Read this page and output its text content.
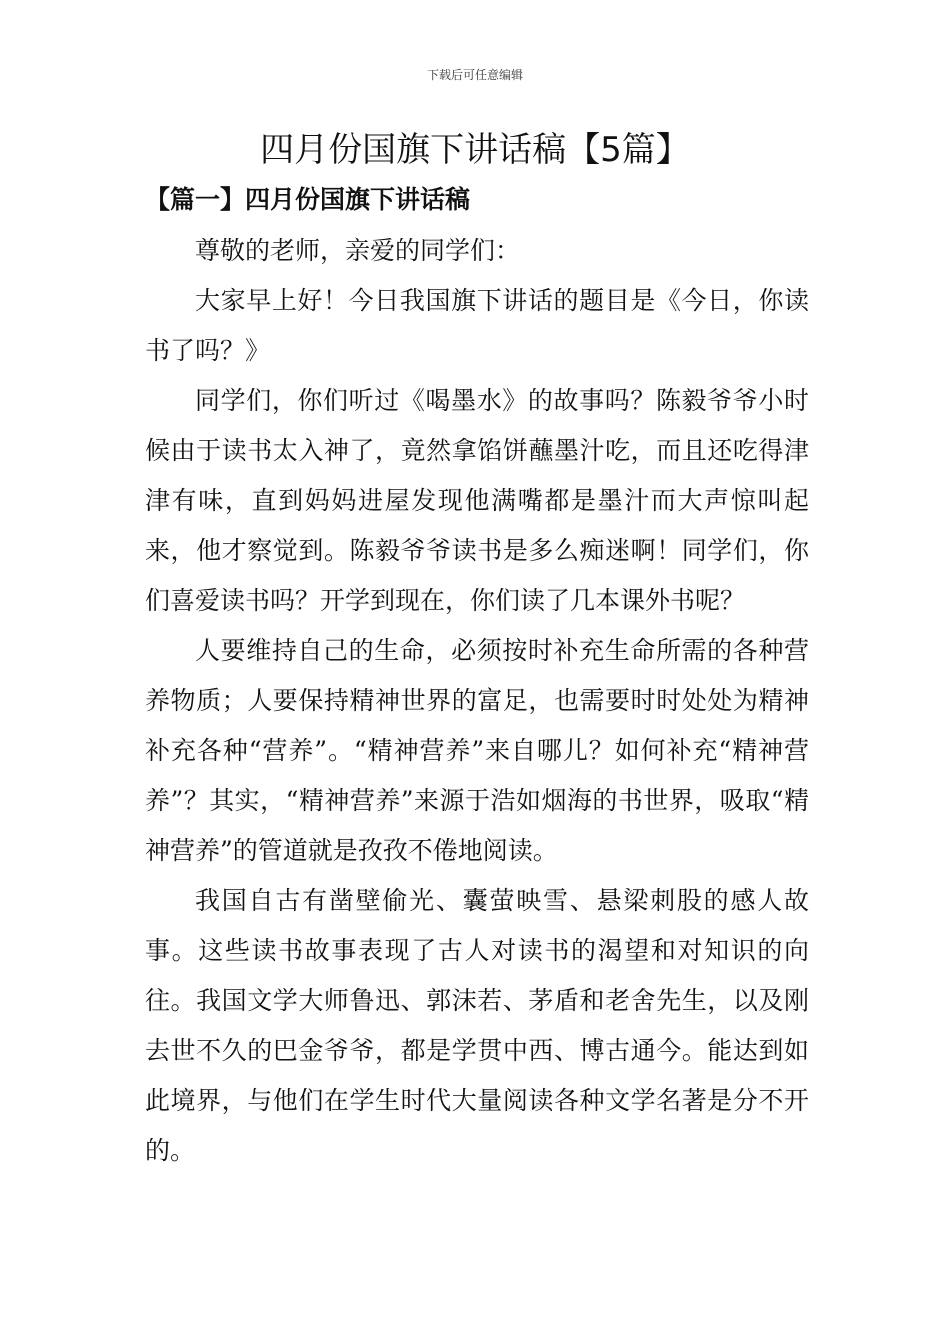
下载后可任意编辑
四月份国旗下讲话稿【5篇】
【篇一】四月份国旗下讲话稿

尊敬的老师，亲爱的同学们：

大家早上好！今日我国旗下讲话的题目是《今日，你读书了吗？》

同学们，你们听过《喝墨水》的故事吗？陈毅爷爷小时候由于读书太入神了，竟然拿馅饼蘸墨汁吃，而且还吃得津津有味，直到妈妈进屋发现他满嘴都是墨汁而大声惊叫起来，他才察觉到。陈毅爷爷读书是多么痴迷啊！同学们，你们喜爱读书吗？开学到现在，你们读了几本课外书呢？

人要维持自己的生命，必须按时补充生命所需的各种营养物质；人要保持精神世界的富足，也需要时时处处为精神补充各种“营养”。“精神营养”来自哪儿？如何补充“精神营养”？其实，“精神营养”来源于浩如烟海的书世界，吸取“精神营养”的管道就是孜孜不倦地阅读。

我国自古有凿壁偷光、囊萤映雪、悬梁刺股的感人故事。这些读书故事表现了古人对读书的渴望和对知识的向往。我国文学大师鲁迅、郭沫若、茅盾和老舍先生，以及刚去世不久的巴金爷爷，都是学贯中西、博古通今。能达到如此境界，与他们在学生时代大量阅读各种文学名著是分不开的。
